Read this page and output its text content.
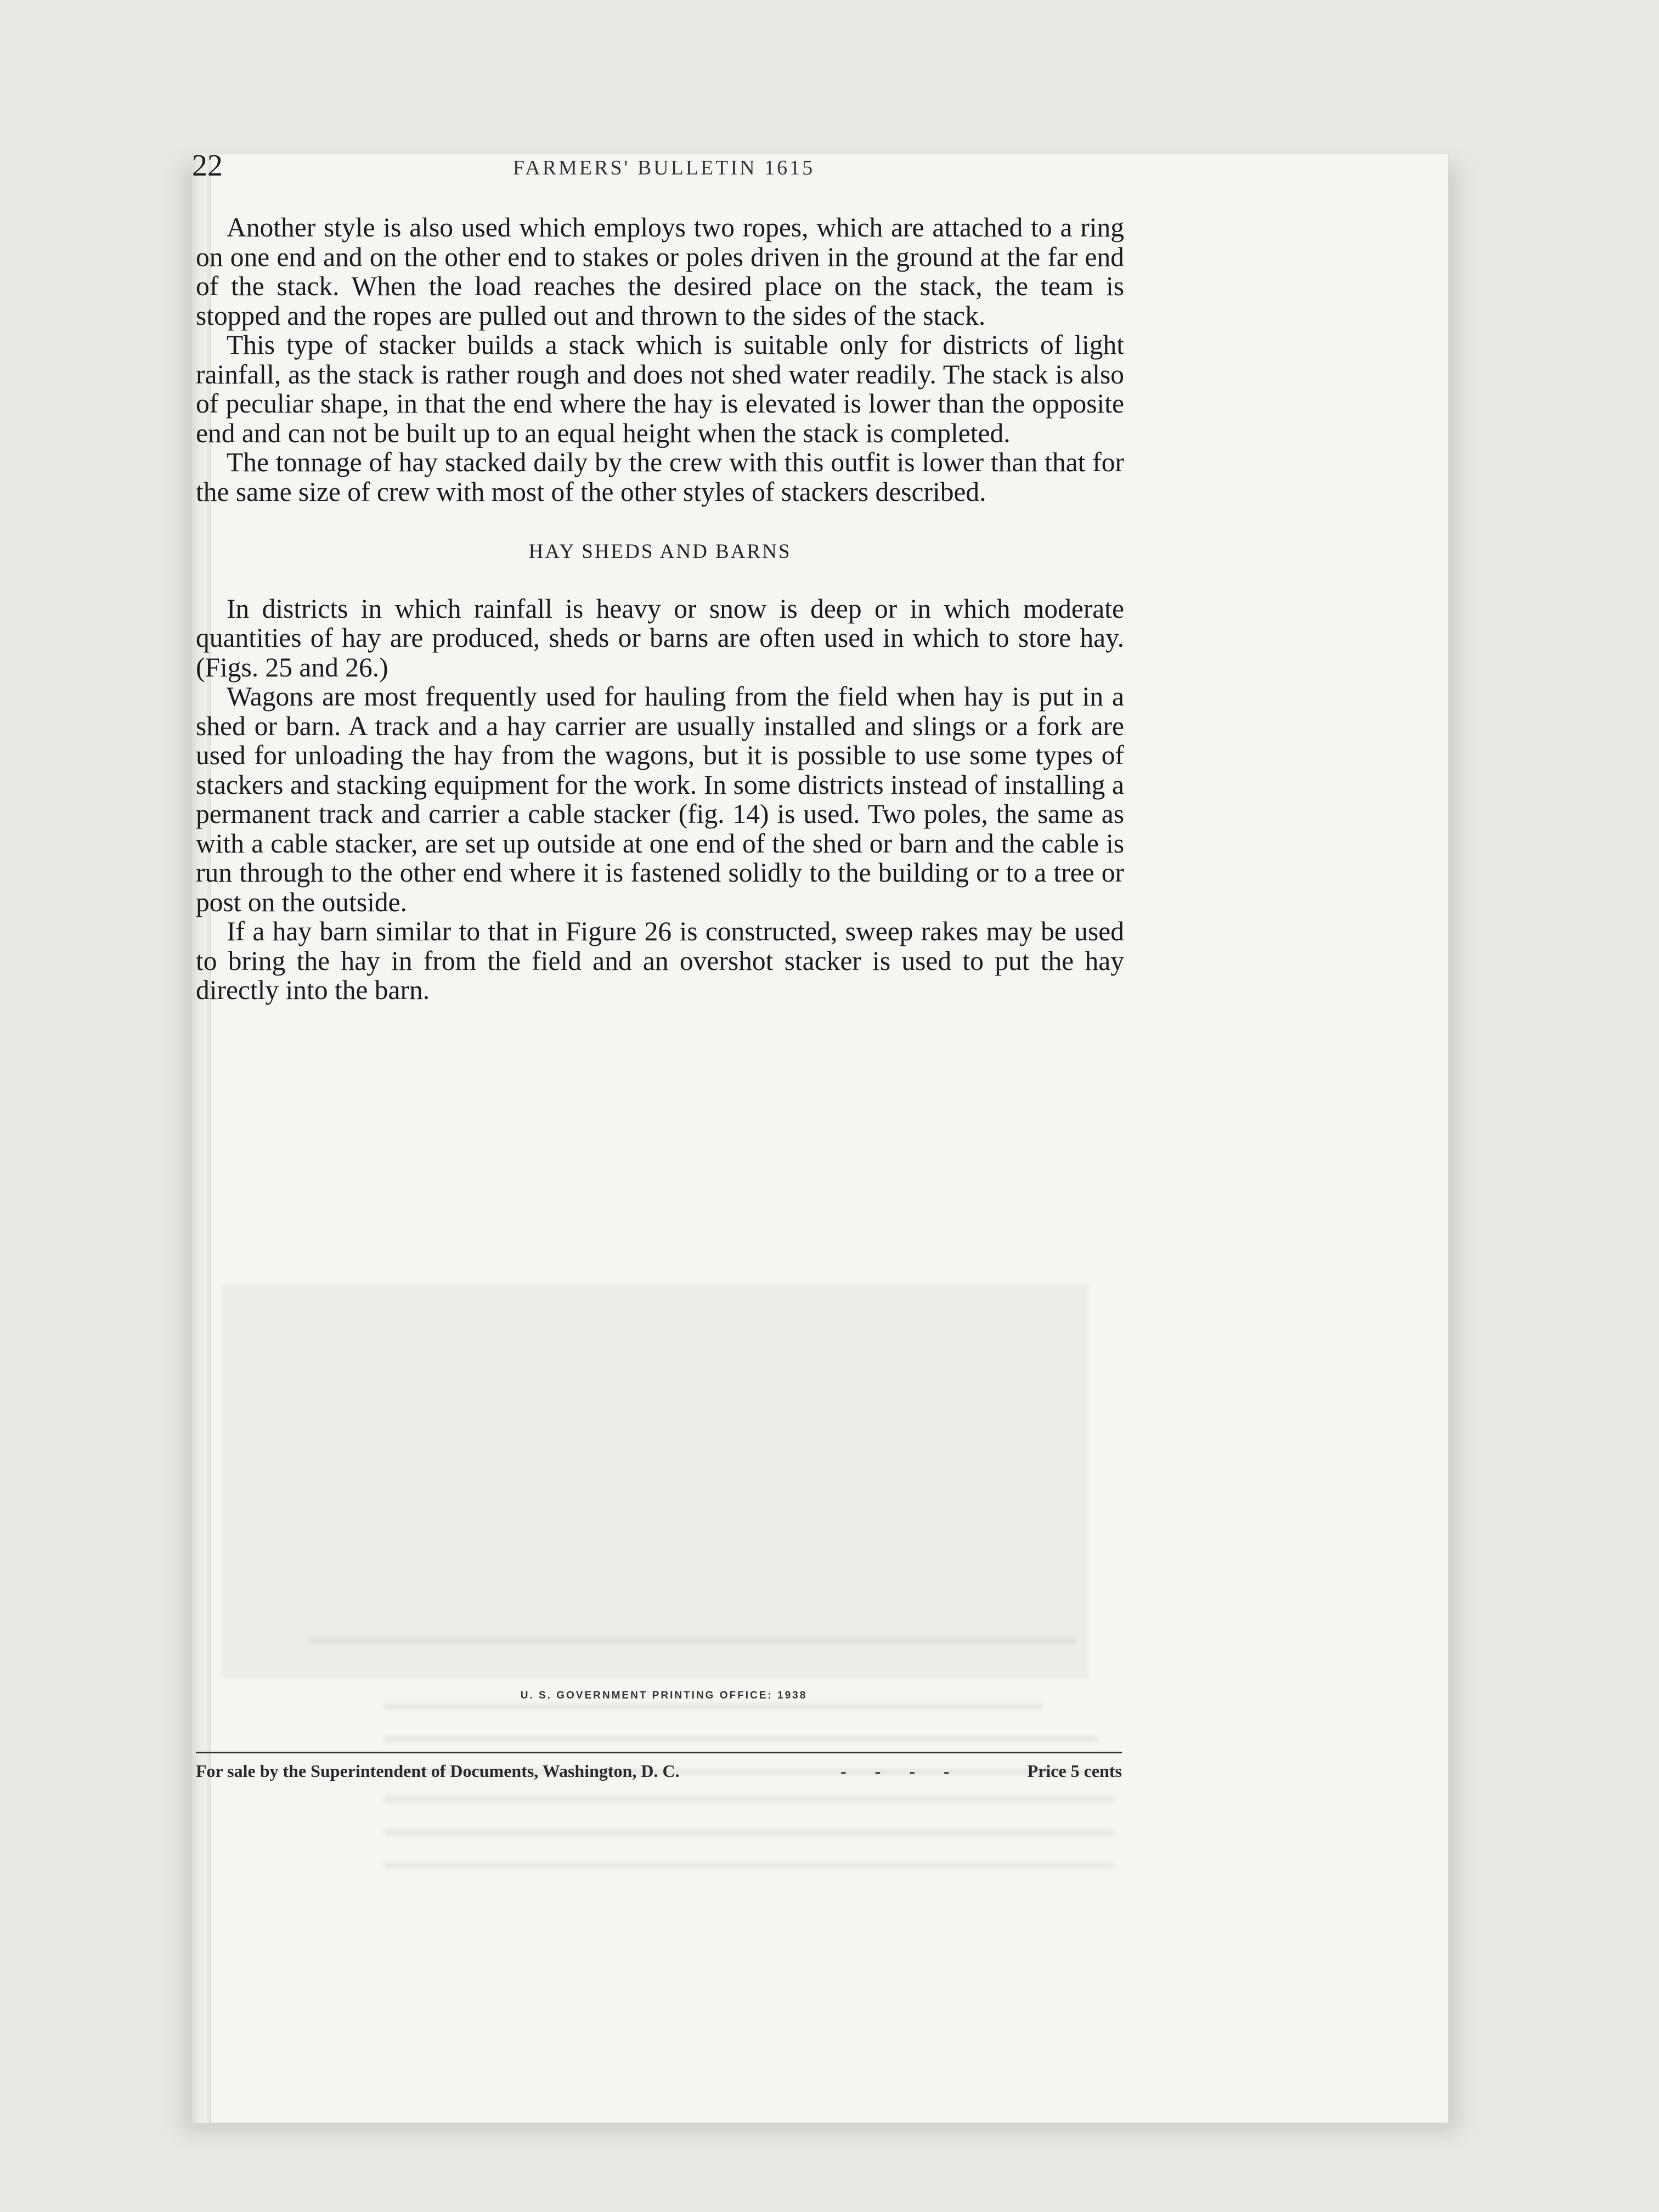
22	FARMERS' BULLETIN 1615

Another style is also used which employs two ropes, which are attached to a ring on one end and on the other end to stakes or poles driven in the ground at the far end of the stack. When the load reaches the desired place on the stack, the team is stopped and the ropes are pulled out and thrown to the sides of the stack.

This type of stacker builds a stack which is suitable only for districts of light rainfall, as the stack is rather rough and does not shed water readily. The stack is also of peculiar shape, in that the end where the hay is elevated is lower than the opposite end and can not be built up to an equal height when the stack is completed.

The tonnage of hay stacked daily by the crew with this outfit is lower than that for the same size of crew with most of the other styles of stackers described.

HAY SHEDS AND BARNS

In districts in which rainfall is heavy or snow is deep or in which moderate quantities of hay are produced, sheds or barns are often used in which to store hay. (Figs. 25 and 26.)

Wagons are most frequently used for hauling from the field when hay is put in a shed or barn. A track and a hay carrier are usually installed and slings or a fork are used for unloading the hay from the wagons, but it is possible to use some types of stackers and stacking equipment for the work. In some districts instead of installing a permanent track and carrier a cable stacker (fig. 14) is used. Two poles, the same as with a cable stacker, are set up outside at one end of the shed or barn and the cable is run through to the other end where it is fastened solidly to the building or to a tree or post on the outside.

If a hay barn similar to that in Figure 26 is constructed, sweep rakes may be used to bring the hay in from the field and an overshot stacker is used to put the hay directly into the barn.

U. S. GOVERNMENT PRINTING OFFICE: 1938
For sale by the Superintendent of Documents, Washington, D. C.	- - - -	Price 5 cents
